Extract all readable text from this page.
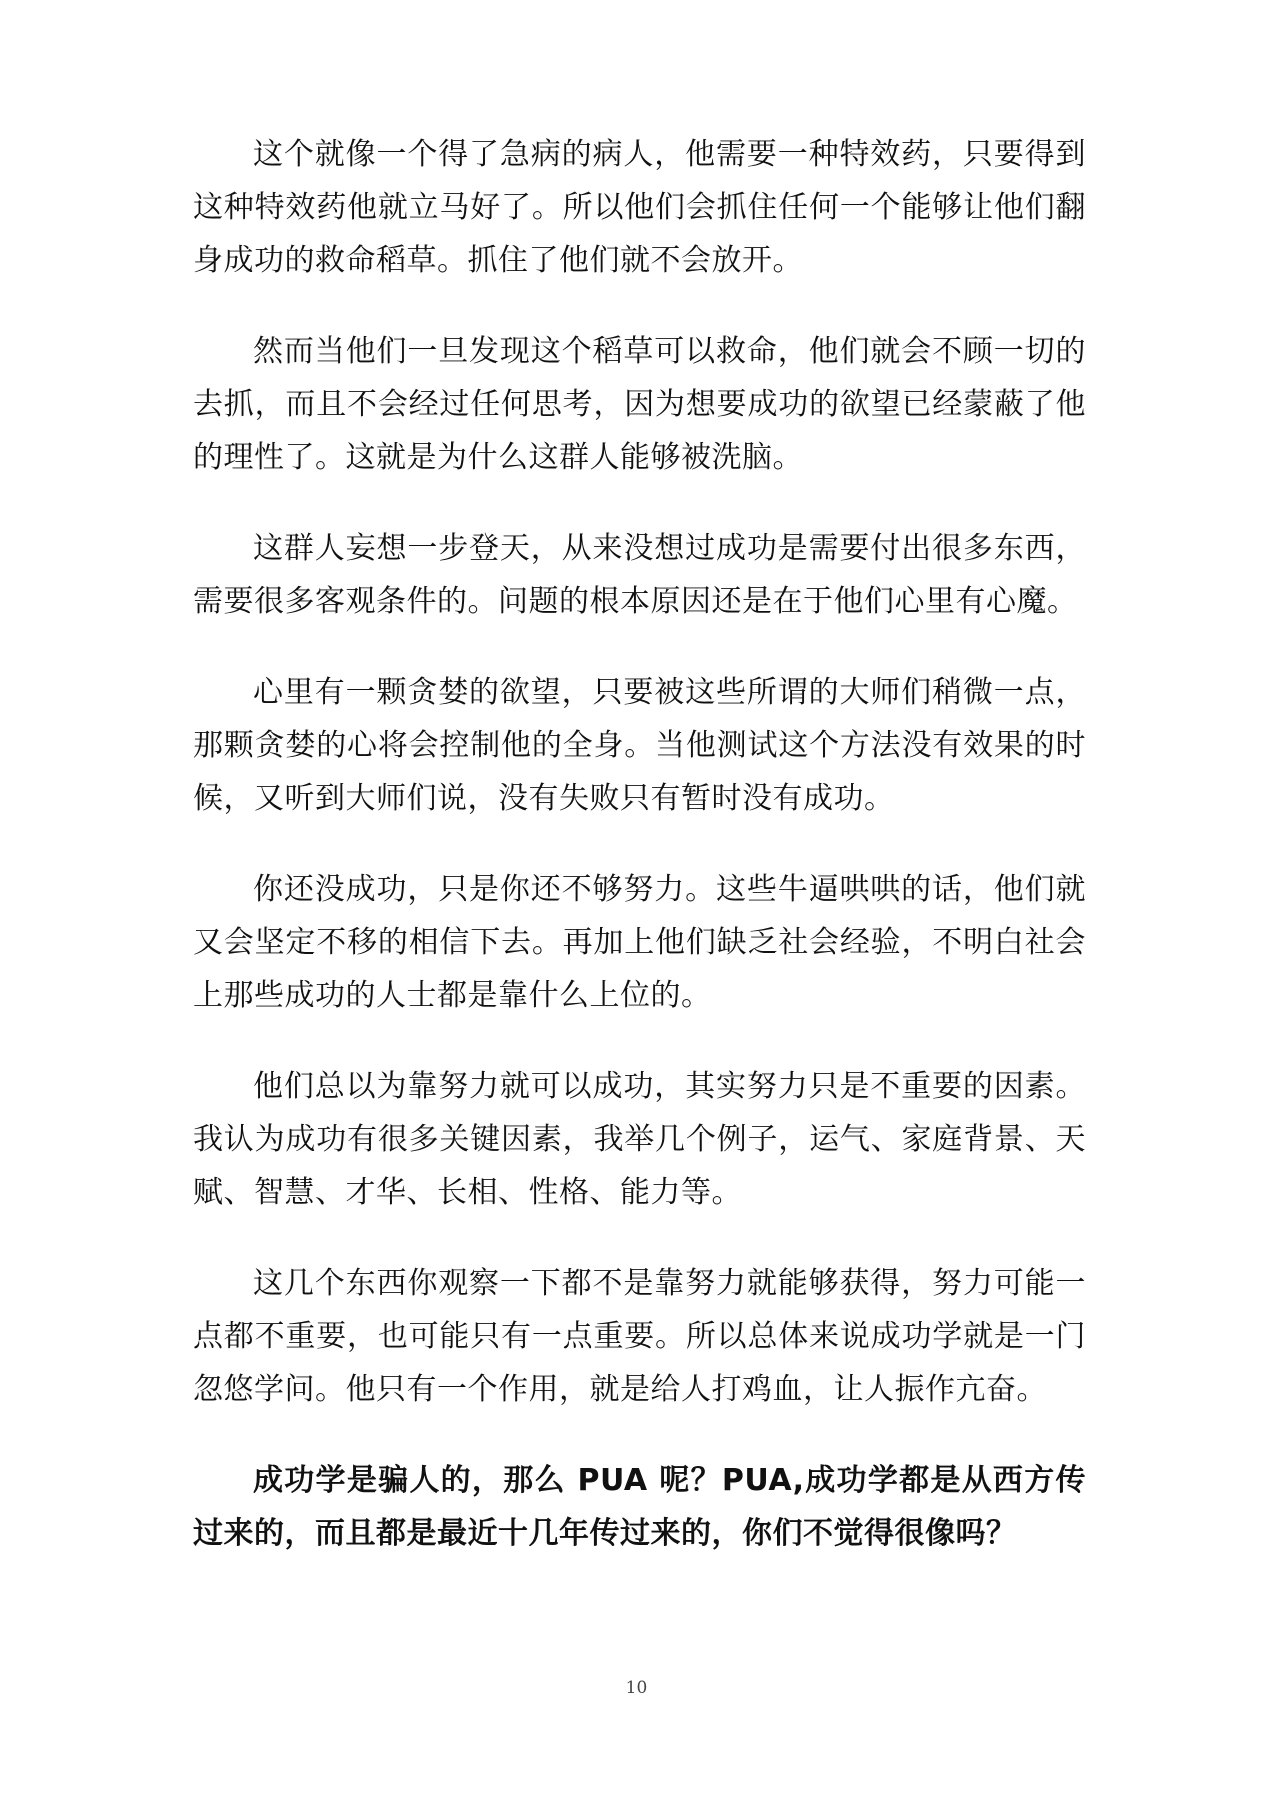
这个就像一个得了急病的病人，他需要一种特效药，只要得到这种特效药他就立马好了。所以他们会抓住任何一个能够让他们翻身成功的救命稻草。抓住了他们就不会放开。

然而当他们一旦发现这个稻草可以救命，他们就会不顾一切的去抓，而且不会经过任何思考，因为想要成功的欲望已经蒙蔽了他的理性了。这就是为什么这群人能够被洗脑。

这群人妄想一步登天，从来没想过成功是需要付出很多东西，需要很多客观条件的。问题的根本原因还是在于他们心里有心魔。

心里有一颗贪婪的欲望，只要被这些所谓的大师们稍微一点，那颗贪婪的心将会控制他的全身。当他测试这个方法没有效果的时候，又听到大师们说，没有失败只有暂时没有成功。

你还没成功，只是你还不够努力。这些牛逼哄哄的话，他们就又会坚定不移的相信下去。再加上他们缺乏社会经验，不明白社会上那些成功的人士都是靠什么上位的。

他们总以为靠努力就可以成功，其实努力只是不重要的因素。我认为成功有很多关键因素，我举几个例子，运气、家庭背景、天赋、智慧、才华、长相、性格、能力等。

这几个东西你观察一下都不是靠努力就能够获得，努力可能一点都不重要，也可能只有一点重要。所以总体来说成功学就是一门忽悠学问。他只有一个作用，就是给人打鸡血，让人振作亢奋。

成功学是骗人的，那么 PUA 呢？PUA,成功学都是从西方传过来的，而且都是最近十几年传过来的，你们不觉得很像吗？

10
